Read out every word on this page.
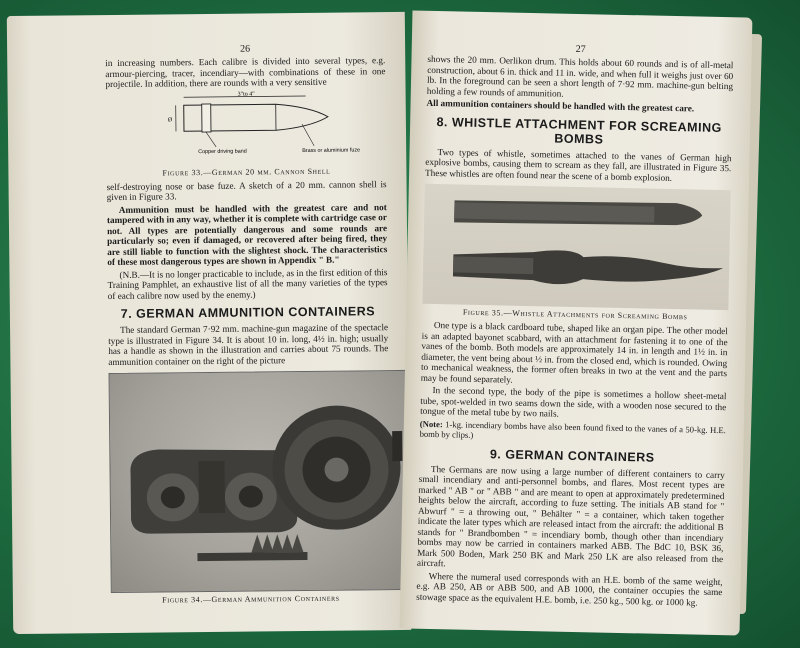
26

in increasing numbers. Each calibre is divided into several types, e.g. armour-piercing, tracer, incendiary—with combinations of these in one projectile. In addition, there are rounds with a very sensitive

3"to 4"
Ø
Copper driving band	Brass or aluminium fuze
Figure 33.—German 20 mm. Cannon Shell

self-destroying nose or base fuze. A sketch of a 20 mm. cannon shell is given in Figure 33.

Ammunition must be handled with the greatest care and not tampered with in any way, whether it is complete with cartridge case or not. All types are potentially dangerous and some rounds are particularly so; even if damaged, or recovered after being fired, they are still liable to function with the slightest shock. The characteristics of these most dangerous types are shown in Appendix " B."

(N.B.—It is no longer practicable to include, as in the first edition of this Training Pamphlet, an exhaustive list of all the many varieties of the types of each calibre now used by the enemy.)

7. GERMAN AMMUNITION CONTAINERS

The standard German 7·92 mm. machine-gun magazine of the spectacle type is illustrated in Figure 34. It is about 10 in. long, 4½ in. high; usually has a handle as shown in the illustration and carries about 75 rounds. The ammunition container on the right of the picture

Figure 34.—German Ammunition Containers
27

shows the 20 mm. Oerlikon drum. This holds about 60 rounds and is of all-metal construction, about 6 in. thick and 11 in. wide, and when full it weighs just over 60 lb. In the foreground can be seen a short length of 7·92 mm. machine-gun belting holding a few rounds of ammunition.

All ammunition containers should be handled with the greatest care.

8. WHISTLE ATTACHMENT FOR SCREAMING BOMBS

Two types of whistle, sometimes attached to the vanes of German high explosive bombs, causing them to scream as they fall, are illustrated in Figure 35. These whistles are often found near the scene of a bomb explosion.

Figure 35.—Whistle Attachments for Screaming Bombs

One type is a black cardboard tube, shaped like an organ pipe. The other model is an adapted bayonet scabbard, with an attachment for fastening it to one of the vanes of the bomb. Both models are approximately 14 in. in length and 1½ in. in diameter, the vent being about ½ in. from the closed end, which is rounded. Owing to mechanical weakness, the former often breaks in two at the vent and the parts may be found separately.

In the second type, the body of the pipe is sometimes a hollow sheet-metal tube, spot-welded in two seams down the side, with a wooden nose secured to the tongue of the metal tube by two nails.

(Note: 1-kg. incendiary bombs have also been found fixed to the vanes of a 50-kg. H.E. bomb by clips.)

9. GERMAN CONTAINERS

The Germans are now using a large number of different containers to carry small incendiary and anti-personnel bombs, and flares. Most recent types are marked " AB " or " ABB " and are meant to open at approximately predetermined heights below the aircraft, according to fuze setting. The initials AB stand for " Abwurf " = a throwing out, " Behälter " = a container, which taken together indicate the later types which are released intact from the aircraft: the additional B stands for " Brandbomben " = incendiary bomb, though other than incendiary bombs may now be carried in containers marked ABB. The BdC 10, BSK 36, Mark 500 Boden, Mark 250 BK and Mark 250 LK are also released from the aircraft.

Where the numeral used corresponds with an H.E. bomb of the same weight, e.g. AB 250, AB or ABB 500, and AB 1000, the container occupies the same stowage space as the equivalent H.E. bomb, i.e. 250 kg., 500 kg. or 1000 kg.
